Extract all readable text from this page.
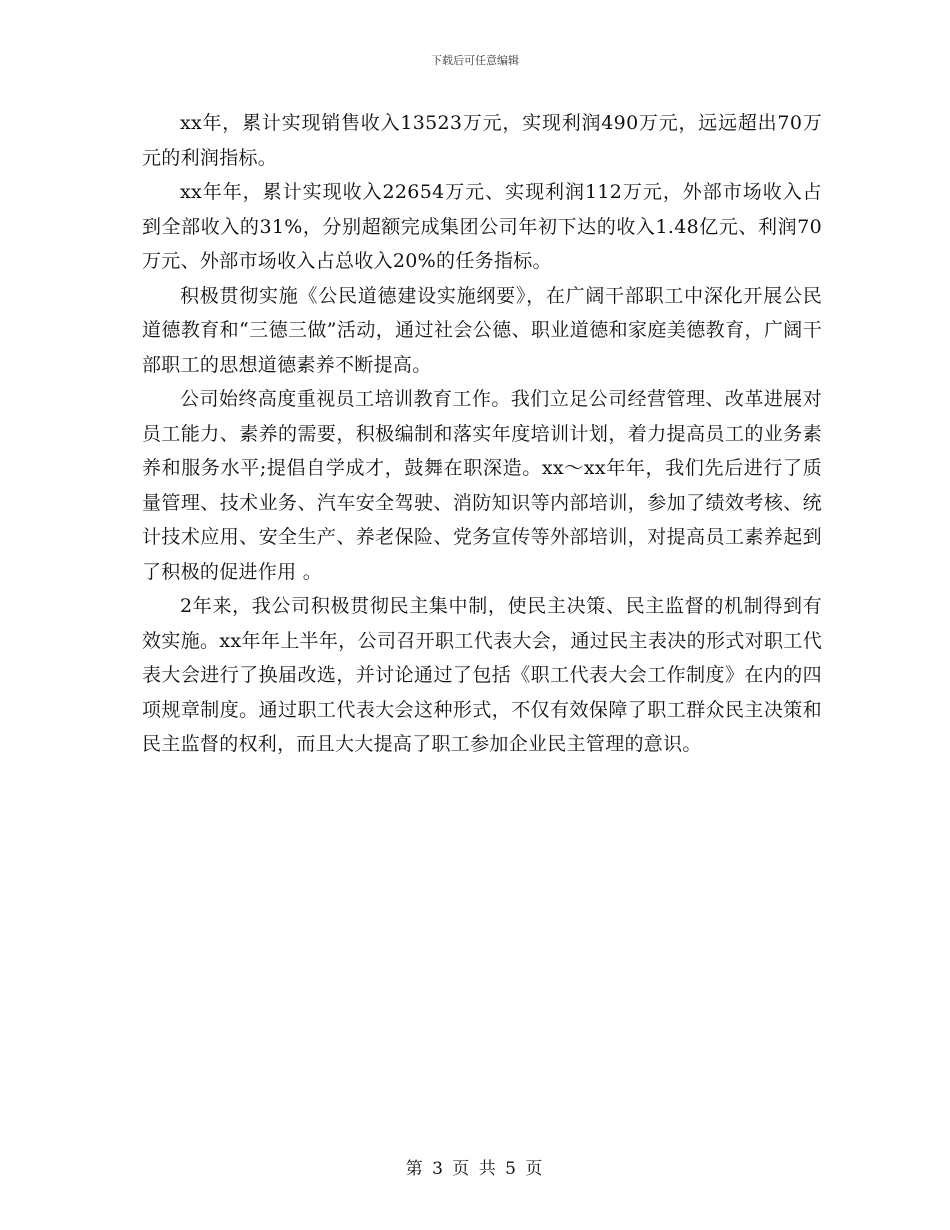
下载后可任意编辑

xx年，累计实现销售收入13523万元，实现利润490万元，远远超出70万元的利润指标。

xx年年，累计实现收入22654万元、实现利润112万元，外部市场收入占到全部收入的31%，分别超额完成集团公司年初下达的收入1.48亿元、利润70万元、外部市场收入占总收入20%的任务指标。

积极贯彻实施《公民道德建设实施纲要》，在广阔干部职工中深化开展公民道德教育和“三德三做”活动，通过社会公德、职业道德和家庭美德教育，广阔干部职工的思想道德素养不断提高。

公司始终高度重视员工培训教育工作。我们立足公司经营管理、改革进展对员工能力、素养的需要，积极编制和落实年度培训计划，着力提高员工的业务素养和服务水平;提倡自学成才，鼓舞在职深造。xx～xx年年，我们先后进行了质量管理、技术业务、汽车安全驾驶、消防知识等内部培训，参加了绩效考核、统计技术应用、安全生产、养老保险、党务宣传等外部培训，对提高员工素养起到了积极的促进作用 。

2年来，我公司积极贯彻民主集中制，使民主决策、民主监督的机制得到有效实施。xx年年上半年，公司召开职工代表大会，通过民主表决的形式对职工代表大会进行了换届改选，并讨论通过了包括《职工代表大会工作制度》在内的四项规章制度。通过职工代表大会这种形式，不仅有效保障了职工群众民主决策和民主监督的权利，而且大大提高了职工参加企业民主管理的意识。

第 3 页 共 5 页
